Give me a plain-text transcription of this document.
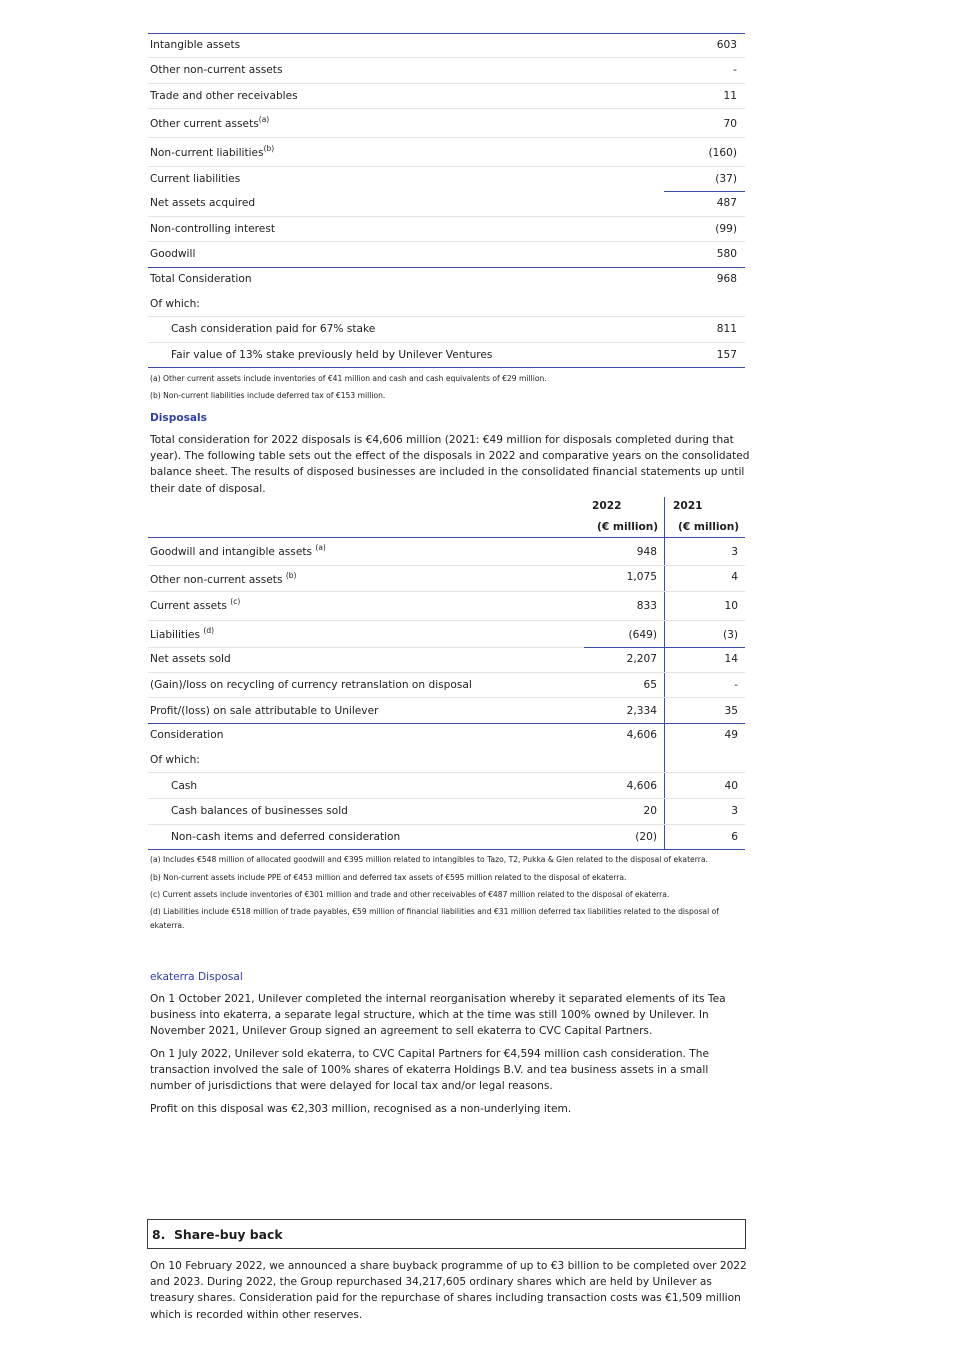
Intangible assets	603
Other non-current assets	-
Trade and other receivables	11
Other current assets$^{(a)}$	70
Non-current liabilities$^{(b)}$	(160)
Current liabilities	(37)
Net assets acquired	487
Non-controlling interest	(99)
Goodwill	580
Total Consideration	968
Of which:
Cash consideration paid for 67% stake	811
Fair value of 13% stake previously held by Unilever Ventures	157
(a) Other current assets include inventories of €41 million and cash and cash equivalents of €29 million.
(b) Non-current liabilities include deferred tax of €153 million.
Disposals
Total consideration for 2022 disposals is €4,606 million (2021: €49 million for disposals completed during that year). The following table sets out the effect of the disposals in 2022 and comparative years on the consolidated balance sheet. The results of disposed businesses are included in the consolidated financial statements up until their date of disposal.
2022
(€ million)
2021
(€ million)
Goodwill and intangible assets $^{(a)}$	948	3
Other non-current assets $^{(b)}$	1,075	4
Current assets $^{(c)}$	833	10
Liabilities $^{(d)}$	(649)	(3)
Net assets sold	2,207	14
(Gain)/loss on recycling of currency retranslation on disposal	65	-
Profit/(loss) on sale attributable to Unilever	2,334	35
Consideration	4,606	49
Of which:
Cash	4,606	40
Cash balances of businesses sold	20	3
Non-cash items and deferred consideration	(20)	6
(a) Includes €548 million of allocated goodwill and €395 million related to intangibles to Tazo, T2, Pukka & Glen related to the disposal of ekaterra.
(b) Non-current assets include PPE of €453 million and deferred tax assets of €595 million related to the disposal of ekaterra.
(c) Current assets include inventories of €301 million and trade and other receivables of €487 million related to the disposal of ekaterra.
(d) Liabilities include €518 million of trade payables, €59 million of financial liabilities and €31 million deferred tax liabilities related to the disposal of
ekaterra.
ekaterra Disposal
On 1 October 2021, Unilever completed the internal reorganisation whereby it separated elements of its Tea business into ekaterra, a separate legal structure, which at the time was still 100% owned by Unilever. In November 2021, Unilever Group signed an agreement to sell ekaterra to CVC Capital Partners.
On 1 July 2022, Unilever sold ekaterra, to CVC Capital Partners for €4,594 million cash consideration. The transaction involved the sale of 100% shares of ekaterra Holdings B.V. and tea business assets in a small number of jurisdictions that were delayed for local tax and/or legal reasons.
Profit on this disposal was €2,303 million, recognised as a non-underlying item.
8.  Share-buy back
On 10 February 2022, we announced a share buyback programme of up to €3 billion to be completed over 2022 and 2023. During 2022, the Group repurchased 34,217,605 ordinary shares which are held by Unilever as treasury shares. Consideration paid for the repurchase of shares including transaction costs was €1,509 million which is recorded within other reserves.
